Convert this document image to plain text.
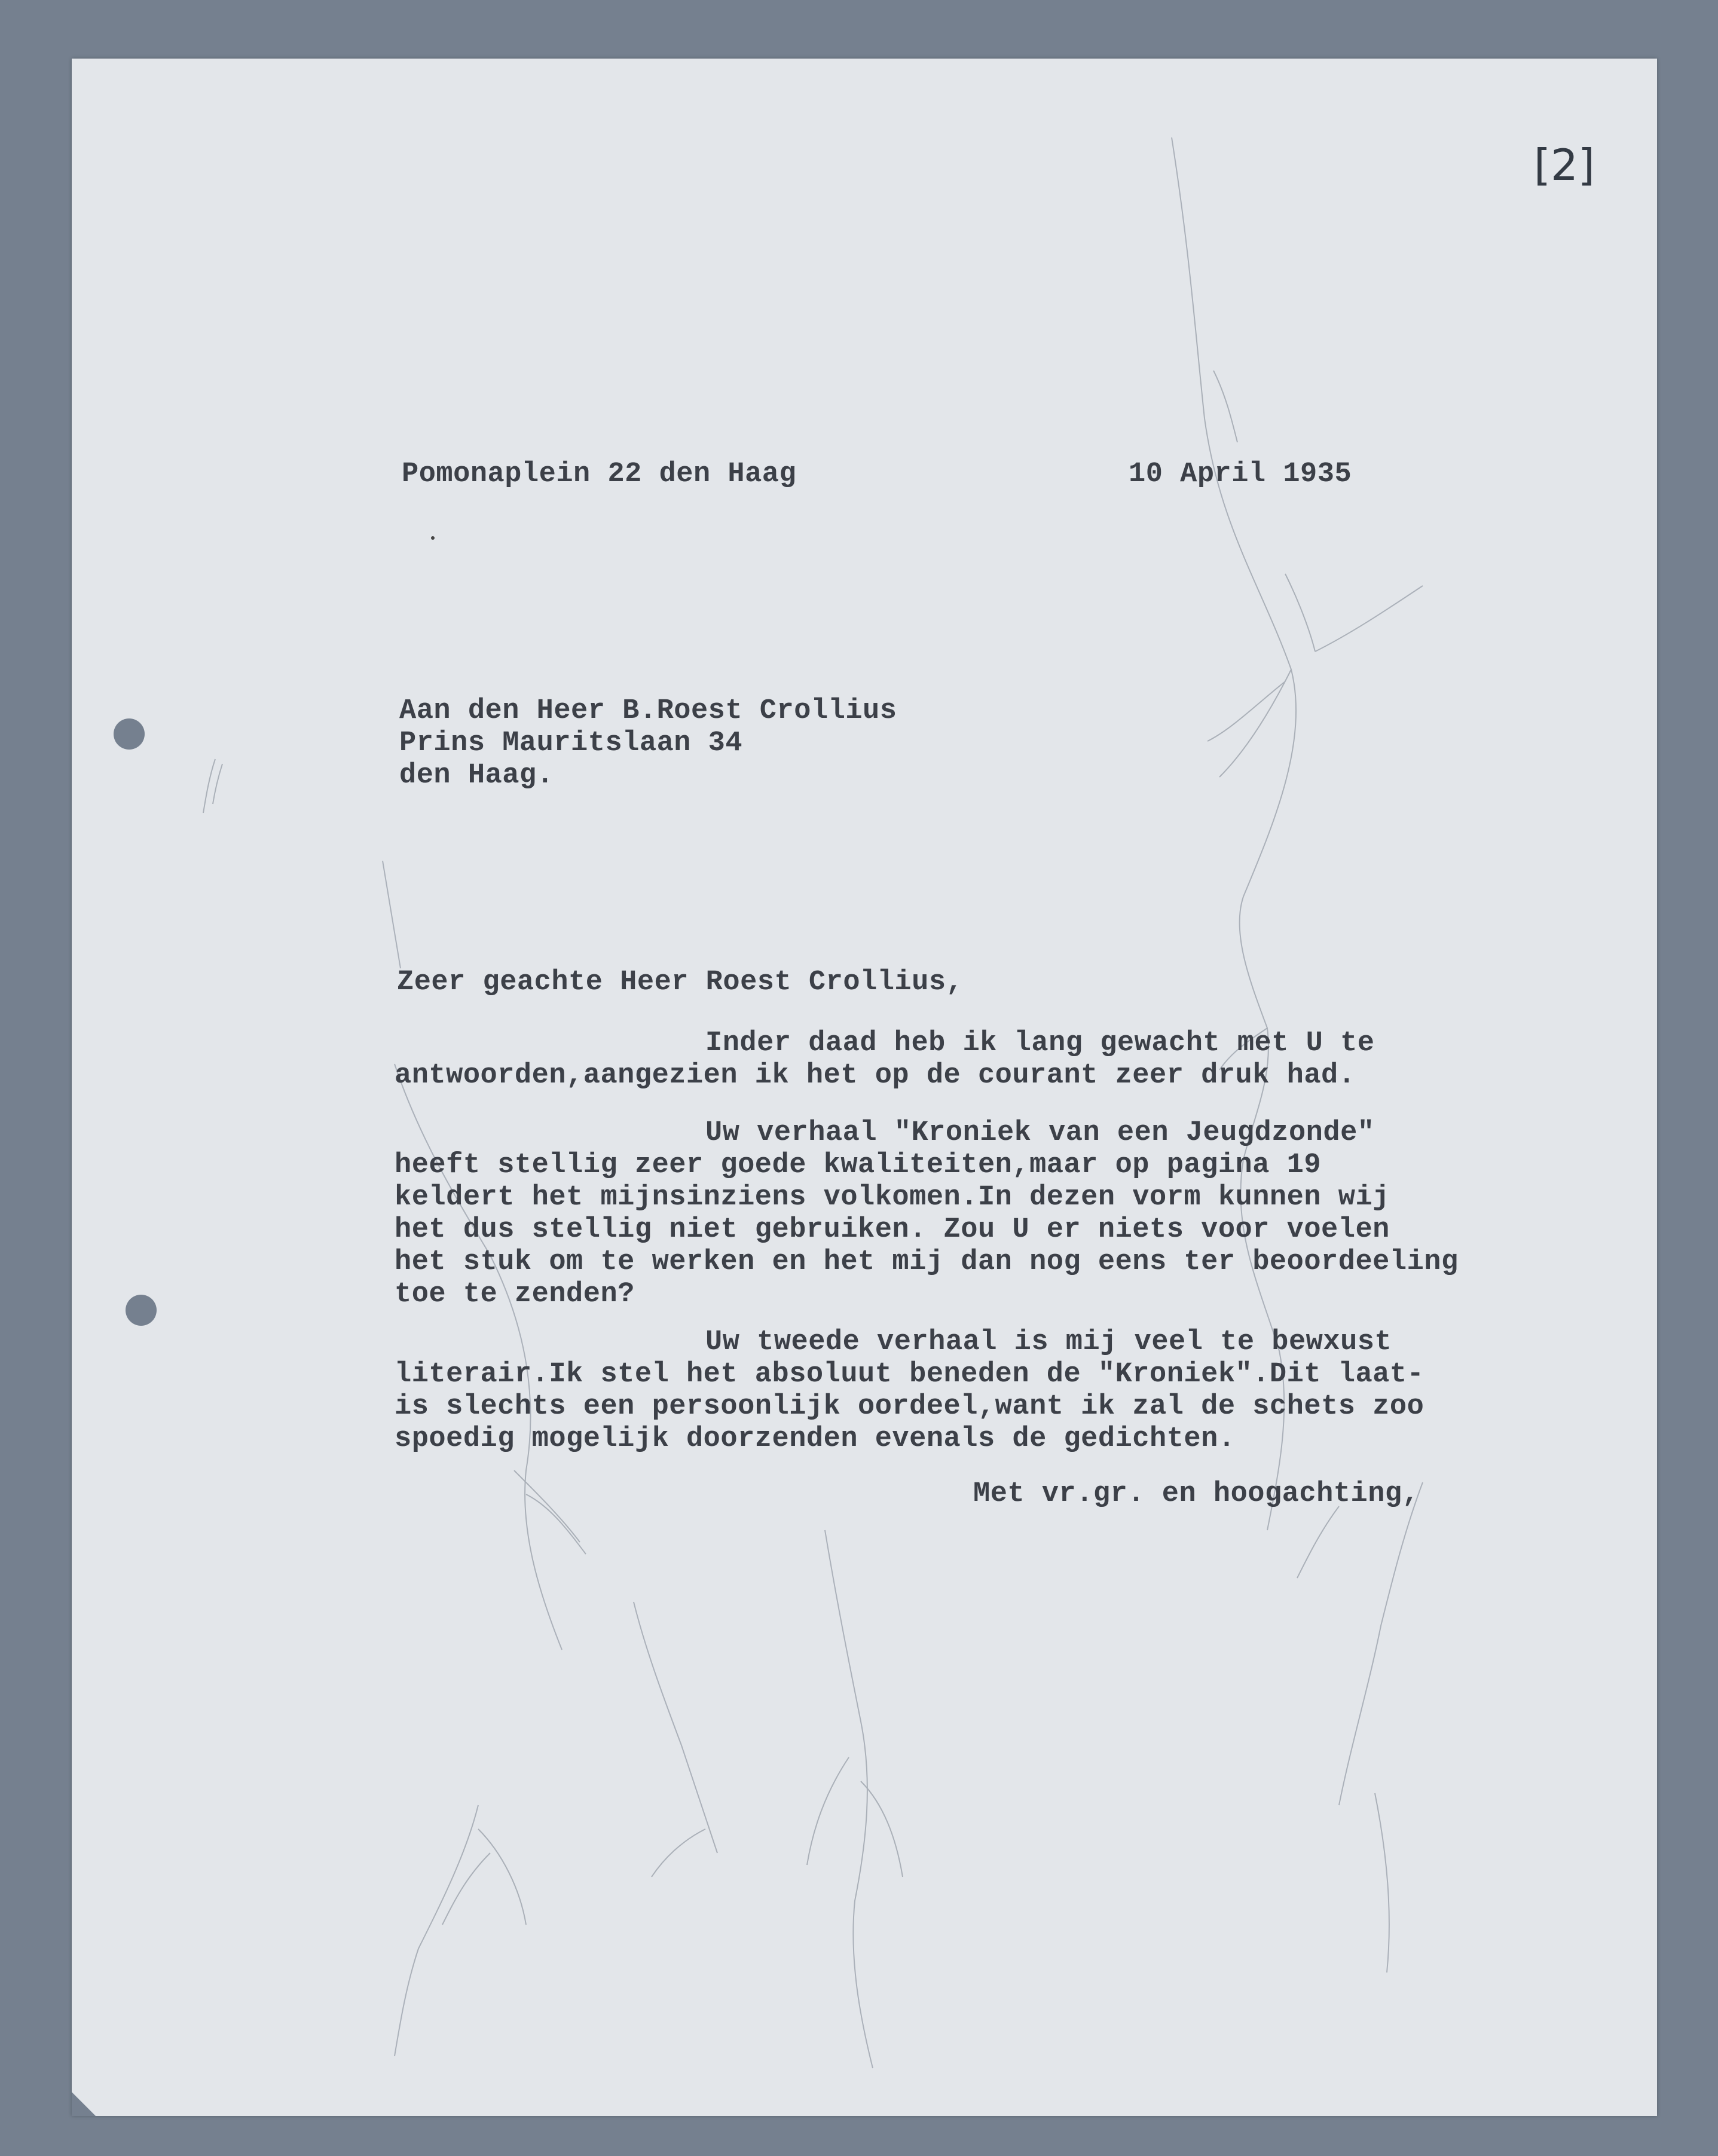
[2]
Pomonaplein 22 den Haag	10 April 1935
Aan den Heer B.Roest Crollius
Prins Mauritslaan 34
den Haag.
Zeer geachte Heer Roest Crollius,
Inder daad heb ik lang gewacht met U te
antwoorden,aangezien ik het op de courant zeer druk had.
Uw verhaal "Kroniek van een Jeugdzonde"
heeft stellig zeer goede kwaliteiten,maar op pagina 19
keldert het mijnsinziens volkomen.In dezen vorm kunnen wij
het dus stellig niet gebruiken. Zou U er niets voor voelen
het stuk om te werken en het mij dan nog eens ter beoordeeling
toe te zenden?
Uw tweede verhaal is mij veel te bewxust
literair.Ik stel het absoluut beneden de "Kroniek".Dit laat-
is slechts een persoonlijk oordeel,want ik zal de schets zoo
spoedig mogelijk doorzenden evenals de gedichten.
Met vr.gr. en hoogachting,
